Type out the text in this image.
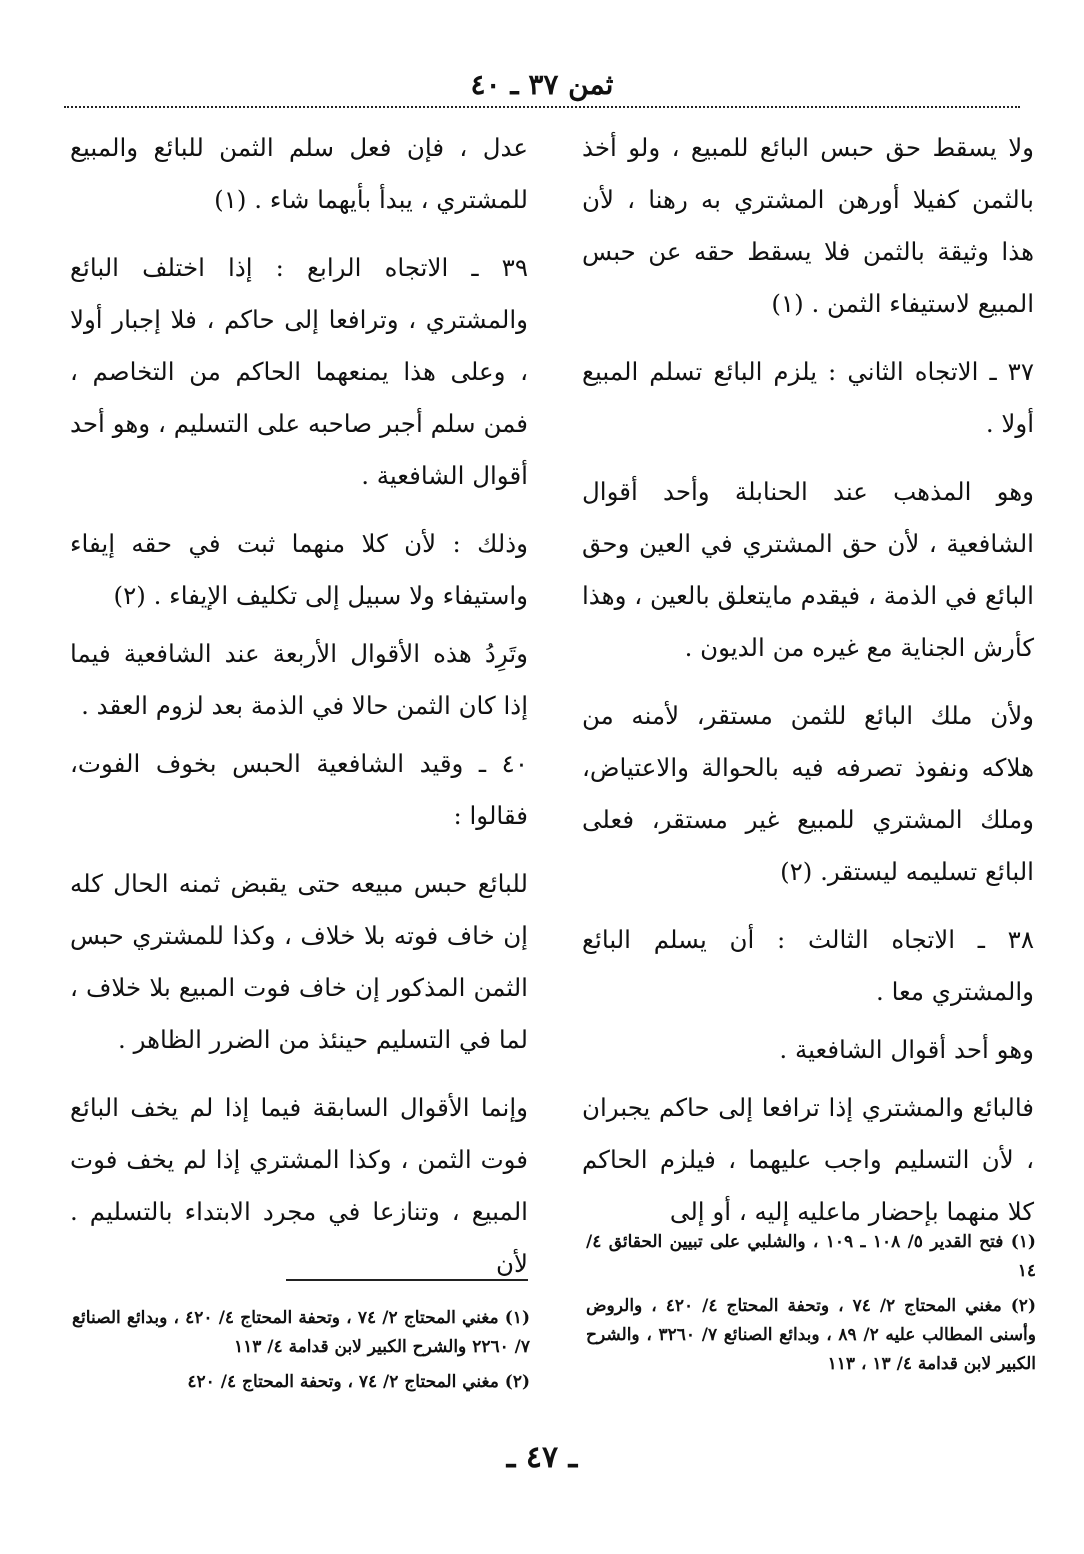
ثمن ٣٧ ـ ٤٠

ولا يسقط حق حبس البائع للمبيع ، ولو أخذ بالثمن كفيلا أورهن المشتري به رهنا ، لأن هذا وثيقة بالثمن فلا يسقط حقه عن حبس المبيع لاستيفاء الثمن . (١)

٣٧ ـ الاتجاه الثاني : يلزم البائع تسلم المبيع أولا .

وهو المذهب عند الحنابلة وأحد أقوال الشافعية ، لأن حق المشتري في العين وحق البائع في الذمة ، فيقدم مايتعلق بالعين ، وهذا كأرش الجناية مع غيره من الديون .

ولأن ملك البائع للثمن مستقر، لأمنه من هلاكه ونفوذ تصرفه فيه بالحوالة والاعتياض، وملك المشتري للمبيع غير مستقر، فعلى البائع تسليمه ليستقر. (٢)

٣٨ ـ الاتجاه الثالث : أن يسلم البائع والمشتري معا .

وهو أحد أقوال الشافعية .

فالبائع والمشتري إذا ترافعا إلى حاكم يجبران ، لأن التسليم واجب عليهما ، فيلزم الحاكم كلا منهما بإحضار ماعليه إليه ، أو إلى

عدل ، فإن فعل سلم الثمن للبائع والمبيع للمشتري ، يبدأ بأيهما شاء . (١)

٣٩ ـ الاتجاه الرابع : إذا اختلف البائع والمشتري ، وترافعا إلى حاكم ، فلا إجبار أولا ، وعلى هذا يمنعهما الحاكم من التخاصم ، فمن سلم أجبر صاحبه على التسليم ، وهو أحد أقوال الشافعية .

وذلك : لأن كلا منهما ثبت في حقه إيفاء واستيفاء ولا سبيل إلى تكليف الإيفاء . (٢)

وتَرِدُ هذه الأقوال الأربعة عند الشافعية فيما إذا كان الثمن حالا في الذمة بعد لزوم العقد .

٤٠ ـ وقيد الشافعية الحبس بخوف الفوت، فقالوا :

للبائع حبس مبيعه حتى يقبض ثمنه الحال كله إن خاف فوته بلا خلاف ، وكذا للمشتري حبس الثمن المذكور إن خاف فوت المبيع بلا خلاف ، لما في التسليم حينئذ من الضرر الظاهر .

وإنما الأقوال السابقة فيما إذا لم يخف البائع فوت الثمن ، وكذا المشتري إذا لم يخف فوت المبيع ، وتنازعا في مجرد الابتداء بالتسليم . لأن

(١) فتح القدير ٥/ ١٠٨ ـ ١٠٩ ، والشلبي على تبيين الحقائق ٤/ ١٤

(٢) مغني المحتاج ٢/ ٧٤ ، وتحفة المحتاج ٤/ ٤٢٠ ، والروض وأسنى المطالب عليه ٢/ ٨٩ ، وبدائع الصنائع ٧/ ٣٢٦٠ ، والشرح الكبير لابن قدامة ٤/ ١٣ ، ١١٣

(١) مغني المحتاج ٢/ ٧٤ ، وتحفة المحتاج ٤/ ٤٢٠ ، وبدائع الصنائع ٧/ ٢٢٦٠ والشرح الكبير لابن قدامة ٤/ ١١٣

(٢) مغني المحتاج ٢/ ٧٤ ، وتحفة المحتاج ٤/ ٤٢٠

ـ ٤٧ ـ
